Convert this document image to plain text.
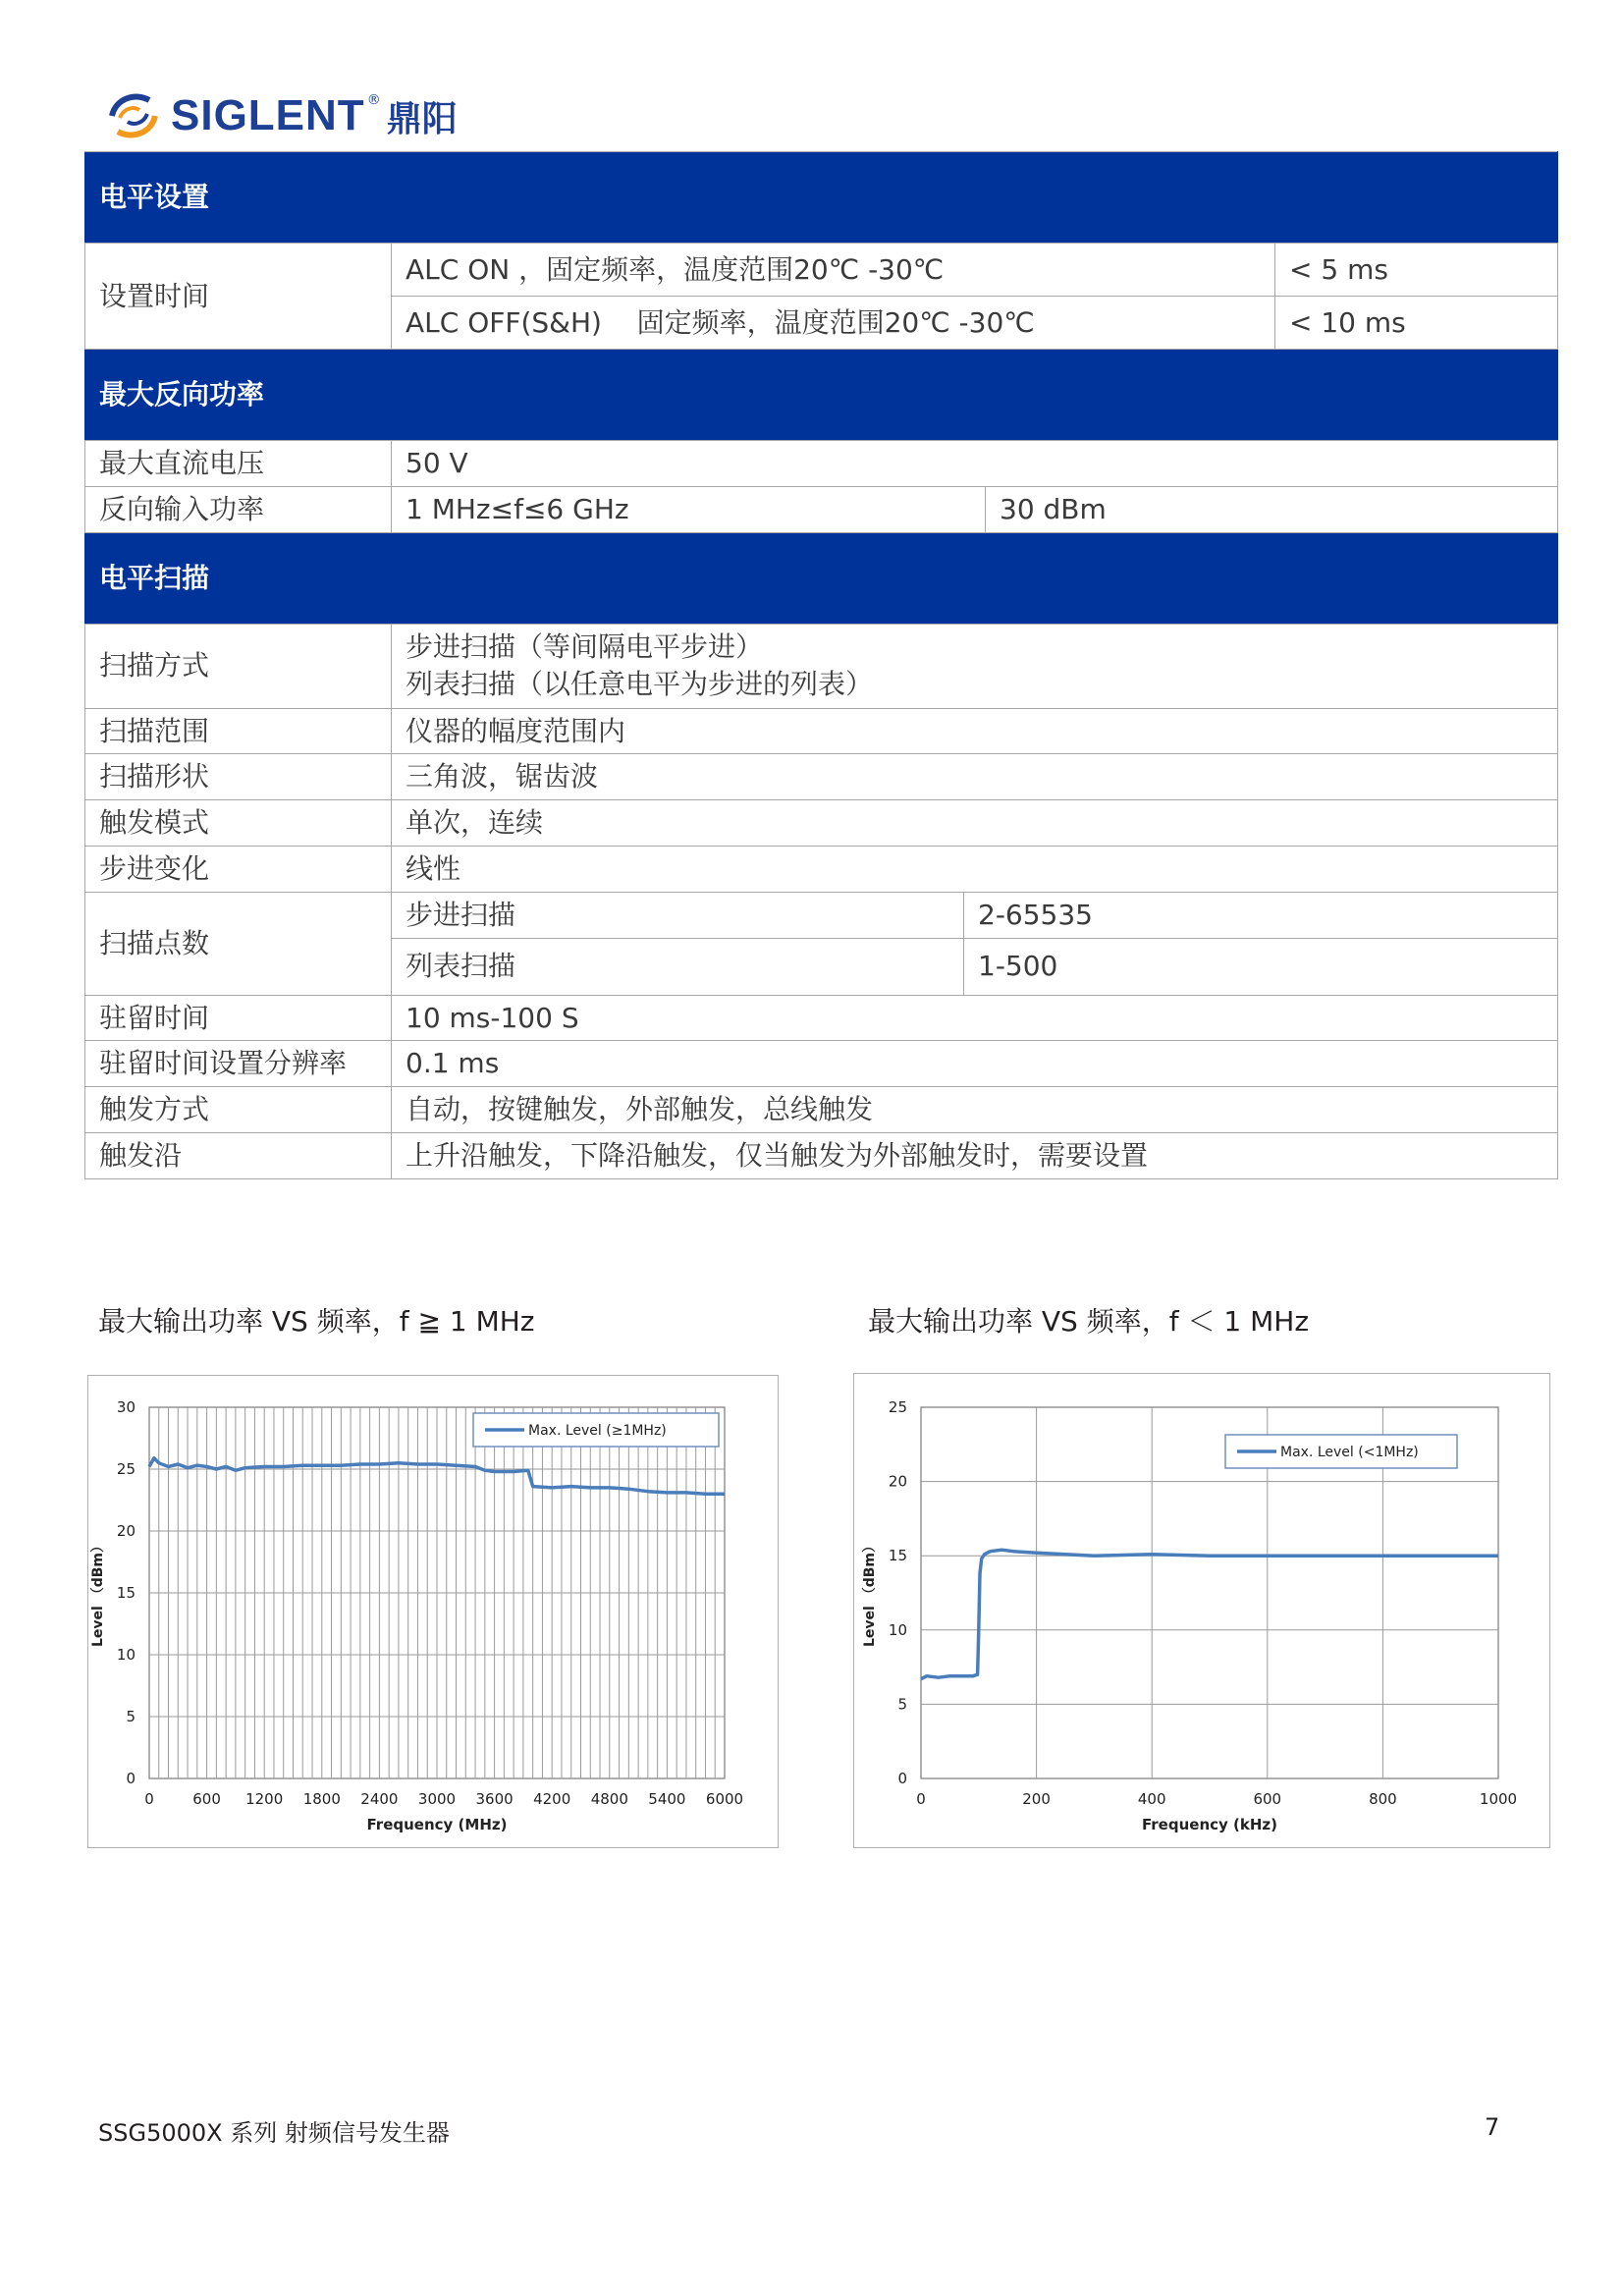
SIGLENT ® 鼎阳
电平设置				
设置时间	ALC ON ，固定频率，温度范围20℃ -30℃			< 5 ms
	ALC OFF(S&H)    固定频率，温度范围20℃ -30℃			< 10 ms
最大反向功率				
最大直流电压	50 V			
反向输入功率	1 MHz≤f≤6 GHz		30 dBm	
电平扫描				
扫描方式	步进扫描（等间隔电平步进）
列表扫描（以任意电平为步进的列表）			

扫描范围	仪器的幅度范围内			
扫描形状	三角波，锯齿波			
触发模式	单次，连续			
步进变化	线性			
扫描点数	步进扫描	2-65535		
	列表扫描	1-500		
驻留时间	10 ms-100 S			
驻留时间设置分辨率	0.1 ms			
触发方式	自动，按键触发，外部触发，总线触发			
触发沿	上升沿触发，下降沿触发，仅当触发为外部触发时，需要设置			
最大输出功率 VS 频率，f ≧ 1 MHz	最大输出功率 VS 频率，f ＜ 1 MHz
0	600 1200 1800 2400 3000 3600 4200 4800 5400 6000
0
5
10
15
20
25
30
Frequency (MHz)
Level （dBm）
Max. Level (≥1MHz)
0	200	400	600	800	1000
0
5
10
15
20
25
Frequency (kHz)
Level （dBm）
Max. Level (<1MHz)
SSG5000X 系列 射频信号发生器	7
